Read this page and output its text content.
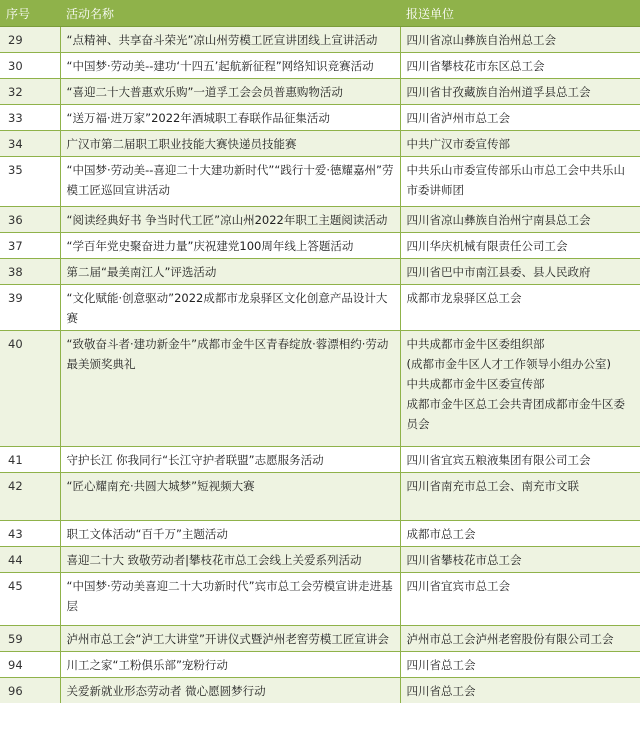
序号	活动名称	报送单位
29	“点精神、共享奋斗荣光”凉山州劳模工匠宣讲团线上宣讲活动	四川省凉山彝族自治州总工会

30	“中国梦·劳动美--建功‘十四五’起航新征程”网络知识竞赛活动	四川省攀枝花市东区总工会

32	“喜迎二十大普惠欢乐购”一道孚工会会员普惠购物活动	四川省甘孜藏族自治州道孚县总工会

33	“送万福·进万家”2022年酒城职工春联作品征集活动	四川省泸州市总工会

34	广汉市第二届职工职业技能大赛快递员技能赛	中共广汉市委宣传部

35	“中国梦·劳动美--喜迎二十大建功新时代”“践行十爱·德耀嘉州”劳模工匠巡回宣讲活动	中共乐山市委宣传部乐山市总工会中共乐山市委讲师团

36	“阅读经典好书 争当时代工匠”凉山州2022年职工主题阅读活动	四川省凉山彝族自治州宁南县总工会

37	“学百年党史聚奋进力量”庆祝建党100周年线上答题活动	四川华庆机械有限责任公司工会

38	第二届“最美南江人”评选活动	四川省巴中市南江县委、县人民政府

39	“文化赋能·创意驱动”2022成都市龙泉驿区文化创意产品设计大赛	成都市龙泉驿区总工会

40	“致敬奋斗者·建功新金牛”成都市金牛区青春绽放·蓉漂相约·劳动最美颁奖典礼	中共成都市金牛区委组织部
(成都市金牛区人才工作领导小组办公室)
中共成都市金牛区委宣传部
成都市金牛区总工会共青团成都市金牛区委员会

41	守护长江 你我同行“长江守护者联盟”志愿服务活动	四川省宜宾五粮液集团有限公司工会

42	“匠心耀南充·共圆大城梦”短视频大赛	四川省南充市总工会、南充市文联

43	职工文体活动“百千万”主题活动	成都市总工会

44	喜迎二十大 致敬劳动者|攀枝花市总工会线上关爱系列活动	四川省攀枝花市总工会

45	“中国梦·劳动美喜迎二十大功新时代”宾市总工会劳模宣讲走进基层	四川省宜宾市总工会

59	泸州市总工会“泸工大讲堂”开讲仪式暨泸州老窖劳模工匠宣讲会	泸州市总工会泸州老窖股份有限公司工会

94	川工之家“工粉俱乐部”宠粉行动	四川省总工会

96	关爱新就业形态劳动者 微心愿圆梦行动	四川省总工会
